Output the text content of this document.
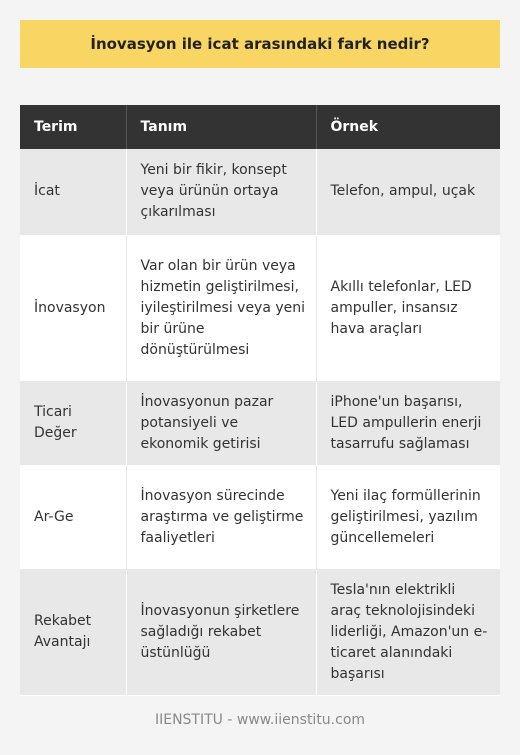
İnovasyon ile icat arasındaki fark nedir?
Terim	Tanım	Örnek
İcat	Yeni bir fikir, konsept veya ürünün ortaya çıkarılması	Telefon, ampul, uçak
İnovasyon	Var olan bir ürün veya hizmetin geliştirilmesi, iyileştirilmesi veya yeni bir ürüne dönüştürülmesi	Akıllı telefonlar, LED ampuller, insansız hava araçları
Ticari Değer	İnovasyonun pazar potansiyeli ve ekonomik getirisi	iPhone'un başarısı, LED ampullerin enerji tasarrufu sağlaması
Ar-Ge	İnovasyon sürecinde araştırma ve geliştirme faaliyetleri	Yeni ilaç formüllerinin geliştirilmesi, yazılım güncellemeleri
Rekabet Avantajı	İnovasyonun şirketlere sağladığı rekabet üstünlüğü	Tesla'nın elektrikli araç teknolojisindeki liderliği, Amazon'un e-ticaret alanındaki başarısı
IIENSTITU - www.iienstitu.com
